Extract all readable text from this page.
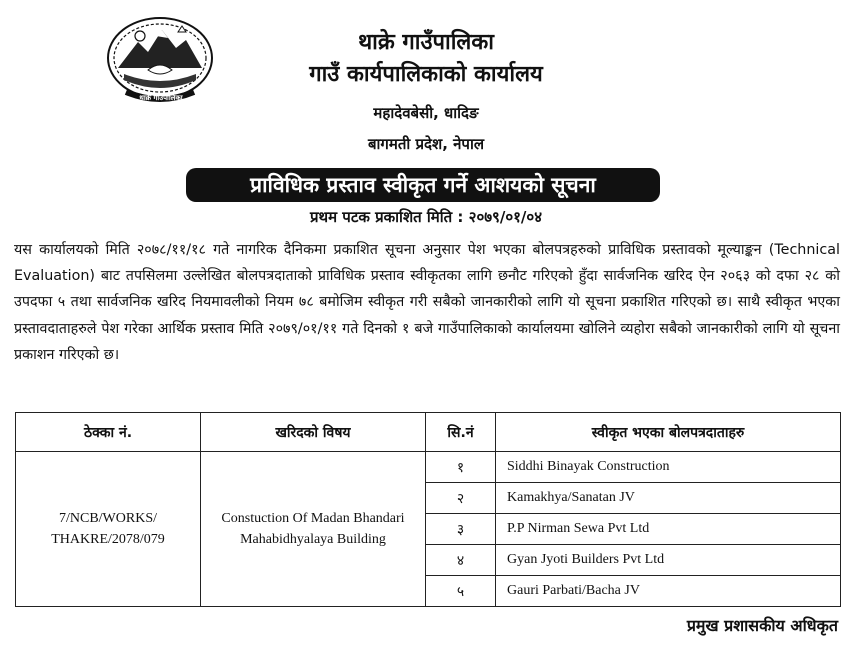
थाक्रे गाउँपालिका
थाक्रे गाउँपालिका
गाउँ कार्यपालिकाको कार्यालय
महादेवबेसी, धादिङ
बागमती प्रदेश, नेपाल
प्राविधिक प्रस्ताव स्वीकृत गर्ने आशयको सूचना
प्रथम पटक प्रकाशित मिति : २०७९/०१/०४

यस कार्यालयको मिति २०७८/११/१८ गते नागरिक दैनिकमा प्रकाशित सूचना अनुसार पेश भएका बोलपत्रहरुको प्राविधिक प्रस्तावको मूल्याङ्कन (Technical Evaluation) बाट तपसिलमा उल्लेखित बोलपत्रदाताको प्राविधिक प्रस्ताव स्वीकृतका लागि छनौट गरिएको हुँदा सार्वजनिक खरिद ऐन २०६३ को दफा २८ को उपदफा ५ तथा सार्वजनिक खरिद नियमावलीको नियम ७८ बमोजिम स्वीकृत गरी सबैको जानकारीको लागि यो सूचना प्रकाशित गरिएको छ। साथै स्वीकृत भएका प्रस्तावदाताहरुले पेश गरेका आर्थिक प्रस्ताव मिति २०७९/०१/११ गते दिनको १ बजे गाउँपालिकाको कार्यालयमा खोलिने व्यहोरा सबैको जानकारीको लागि यो सूचना प्रकाशन गरिएको छ।

ठेक्का नं.	खरिदको विषय	सि.नं	स्वीकृत भएका बोलपत्रदाताहरु
7/NCB/WORKS/ THAKRE/2078/079	Constuction Of Madan Bhandari Mahabidhyalaya Building	१	Siddhi Binayak Construction
		२	Kamakhya/Sanatan JV
		३	P.P Nirman Sewa Pvt Ltd
		४	Gyan Jyoti Builders Pvt Ltd
		५	Gauri Parbati/Bacha JV
प्रमुख प्रशासकीय अधिकृत
